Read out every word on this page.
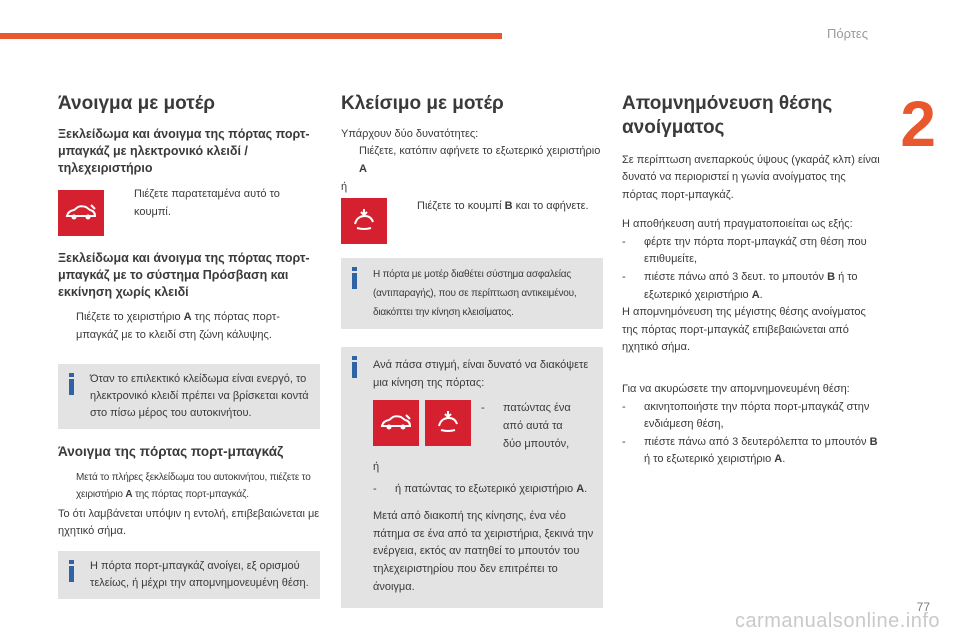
Πόρτες
2
Άνοιγμα με μοτέρ
Ξεκλείδωμα και άνοιγμα της πόρτας πορτ-μπαγκάζ με ηλεκτρονικό κλειδί / τηλεχειριστήριο
Πιέζετε παρατεταμένα αυτό το κουμπί.
Ξεκλείδωμα και άνοιγμα της πόρτας πορτ-μπαγκάζ με το σύστημα Πρόσβαση και εκκίνηση χωρίς κλειδί
Πιέζετε το χειριστήριο A της πόρτας πορτ-μπαγκάζ με το κλειδί στη ζώνη κάλυψης.

Όταν το επιλεκτικό κλείδωμα είναι ενεργό, το ηλεκτρονικό κλειδί πρέπει να βρίσκεται κοντά στο πίσω μέρος του αυτοκινήτου.

Άνοιγμα της πόρτας πορτ-μπαγκάζ
Μετά το πλήρες ξεκλείδωμα του αυτοκινήτου, πιέζετε το χειριστήριο A της πόρτας πορτ-μπαγκάζ.

Το ότι λαμβάνεται υπόψιν η εντολή, επιβεβαιώνεται με ηχητικό σήμα.

Η πόρτα πορτ-μπαγκάζ ανοίγει, εξ ορισμού τελείως, ή μέχρι την απομνημονευμένη θέση.

Κλείσιμο με μοτέρ

Υπάρχουν δύο δυνατότητες:

Πιέζετε, κατόπιν αφήνετε το εξωτερικό χειριστήριο A

ή

Πιέζετε το κουμπί B και το αφήνετε.

Η πόρτα με μοτέρ διαθέτει σύστημα ασφαλείας (αντιπαραγής), που σε περίπτωση αντικειμένου, διακόπτει την κίνηση κλεισίματος.

Ανά πάσα στιγμή, είναι δυνατό να διακόψετε μια κίνηση της πόρτας:

-	πατώντας ένα από αυτά τα δύο μπουτόν,

ή

-	ή πατώντας το εξωτερικό χειριστήριο A.

Μετά από διακοπή της κίνησης, ένα νέο πάτημα σε ένα από τα χειριστήρια, ξεκινά την ενέργεια, εκτός αν πατηθεί το μπουτόν του τηλεχειριστηρίου που δεν επιτρέπει το άνοιγμα.

Απομνημόνευση θέσης ανοίγματος

Σε περίπτωση ανεπαρκούς ύψους (γκαράζ κλπ) είναι δυνατό να περιοριστεί η γωνία ανοίγματος της πόρτας πορτ-μπαγκάζ.

Η αποθήκευση αυτή πραγματοποιείται ως εξής:

-	φέρτε την πόρτα πορτ-μπαγκάζ στη θέση που επιθυμείτε,
-	πιέστε πάνω από 3 δευτ. το μπουτόν B ή το εξωτερικό χειριστήριο A.

Η απομνημόνευση της μέγιστης θέσης ανοίγματος της πόρτας πορτ-μπαγκάζ επιβεβαιώνεται από ηχητικό σήμα.

Για να ακυρώσετε την απομνημονευμένη θέση:

-	ακινητοποιήστε την πόρτα πορτ-μπαγκάζ στην ενδιάμεση θέση,
-	πιέστε πάνω από 3 δευτερόλεπτα το μπουτόν B ή το εξωτερικό χειριστήριο A.
77
carmanualsonline.info
